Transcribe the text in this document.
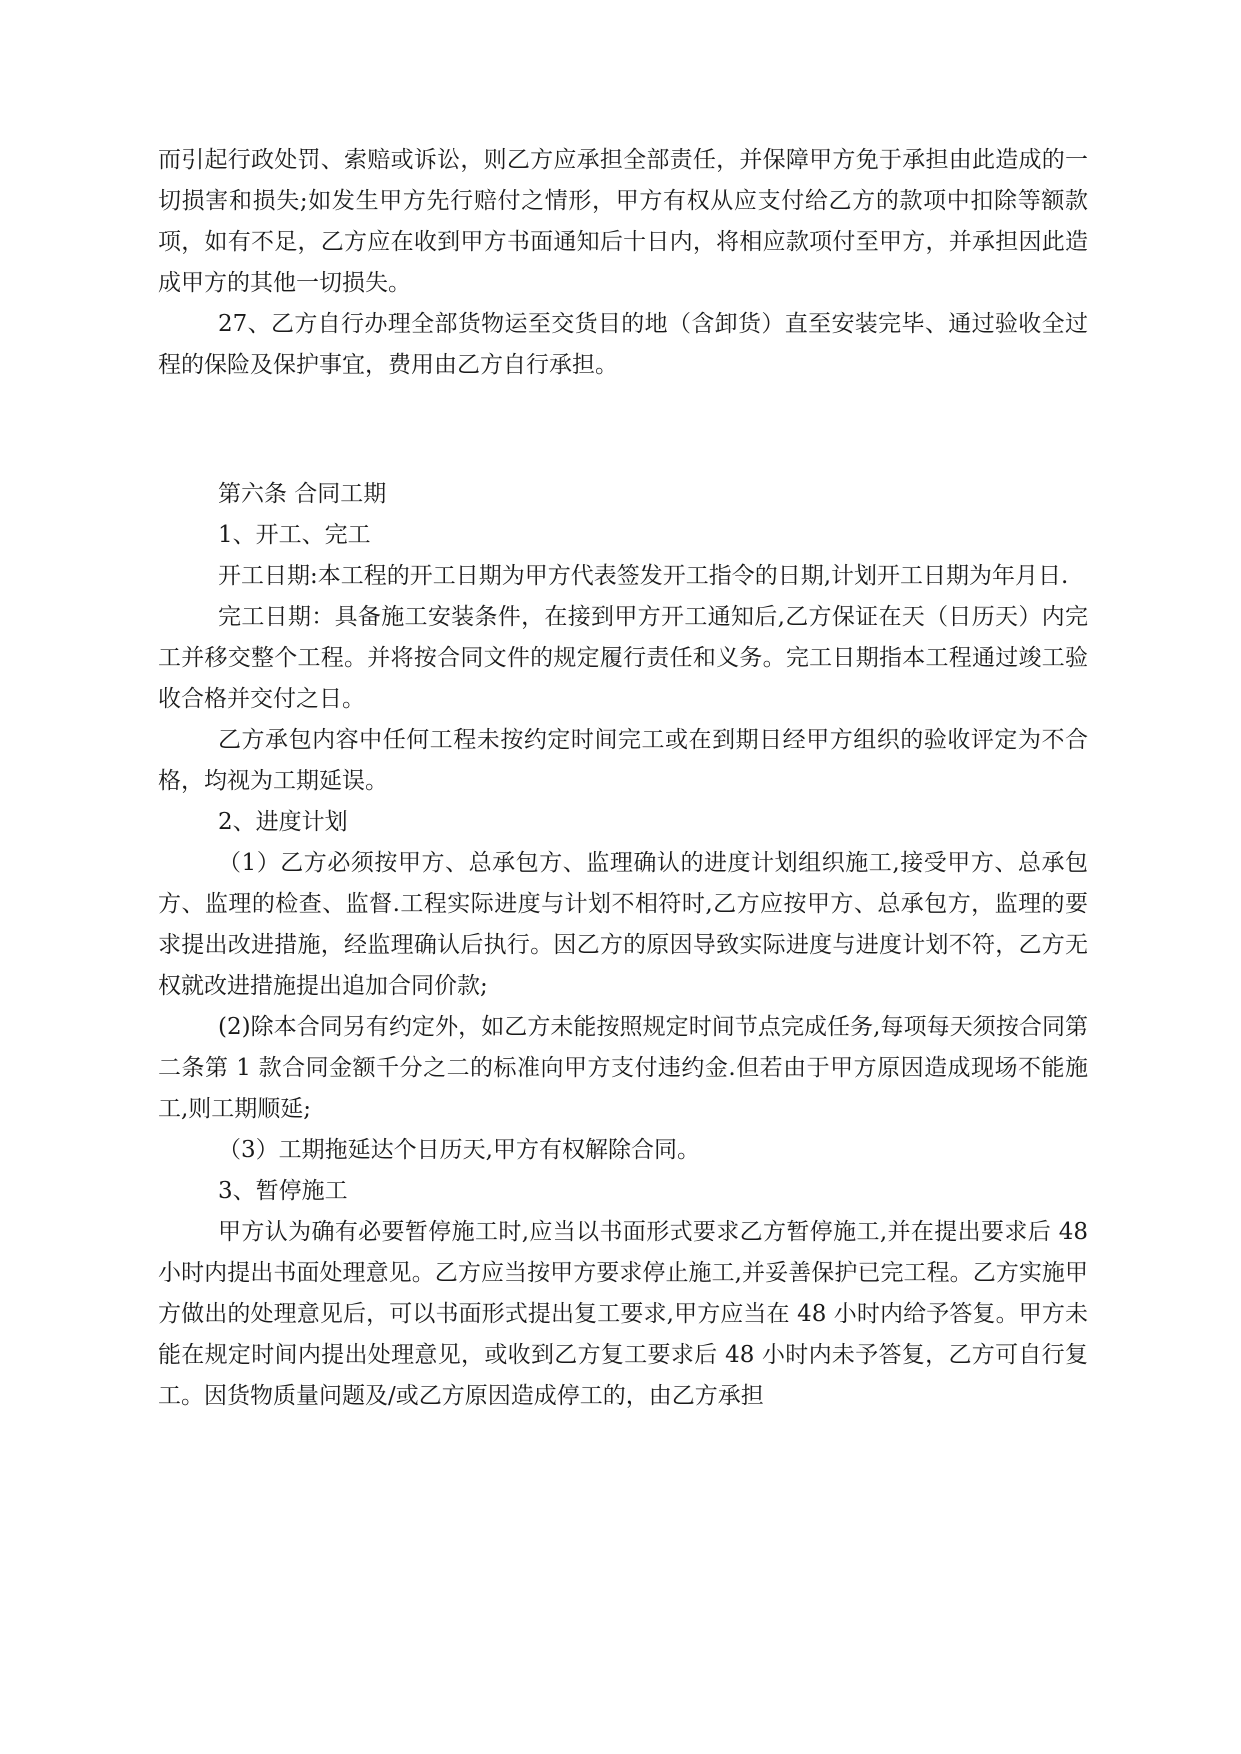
而引起行政处罚、索赔或诉讼，则乙方应承担全部责任，并保障甲方免于承担由此造成的一切损害和损失;如发生甲方先行赔付之情形，甲方有权从应支付给乙方的款项中扣除等额款项，如有不足，乙方应在收到甲方书面通知后十日内，将相应款项付至甲方，并承担因此造成甲方的其他一切损失。

27、乙方自行办理全部货物运至交货目的地（含卸货）直至安装完毕、通过验收全过程的保险及保护事宜，费用由乙方自行承担。

第六条 合同工期

1、开工、完工

开工日期:本工程的开工日期为甲方代表签发开工指令的日期,计划开工日期为年月日.

完工日期：具备施工安装条件，在接到甲方开工通知后,乙方保证在天（日历天）内完工并移交整个工程。并将按合同文件的规定履行责任和义务。完工日期指本工程通过竣工验收合格并交付之日。

乙方承包内容中任何工程未按约定时间完工或在到期日经甲方组织的验收评定为不合格，均视为工期延误。

2、进度计划

（1）乙方必须按甲方、总承包方、监理确认的进度计划组织施工,接受甲方、总承包方、监理的检查、监督.工程实际进度与计划不相符时,乙方应按甲方、总承包方，监理的要求提出改进措施，经监理确认后执行。因乙方的原因导致实际进度与进度计划不符，乙方无权就改进措施提出追加合同价款;

(2)除本合同另有约定外，如乙方未能按照规定时间节点完成任务,每项每天须按合同第二条第 1 款合同金额千分之二的标准向甲方支付违约金.但若由于甲方原因造成现场不能施工,则工期顺延;

（3）工期拖延达个日历天,甲方有权解除合同。

3、暂停施工

甲方认为确有必要暂停施工时,应当以书面形式要求乙方暂停施工,并在提出要求后 48 小时内提出书面处理意见。乙方应当按甲方要求停止施工,并妥善保护已完工程。乙方实施甲方做出的处理意见后，可以书面形式提出复工要求,甲方应当在 48 小时内给予答复。甲方未能在规定时间内提出处理意见，或收到乙方复工要求后 48 小时内未予答复，乙方可自行复工。因货物质量问题及/或乙方原因造成停工的，由乙方承担
